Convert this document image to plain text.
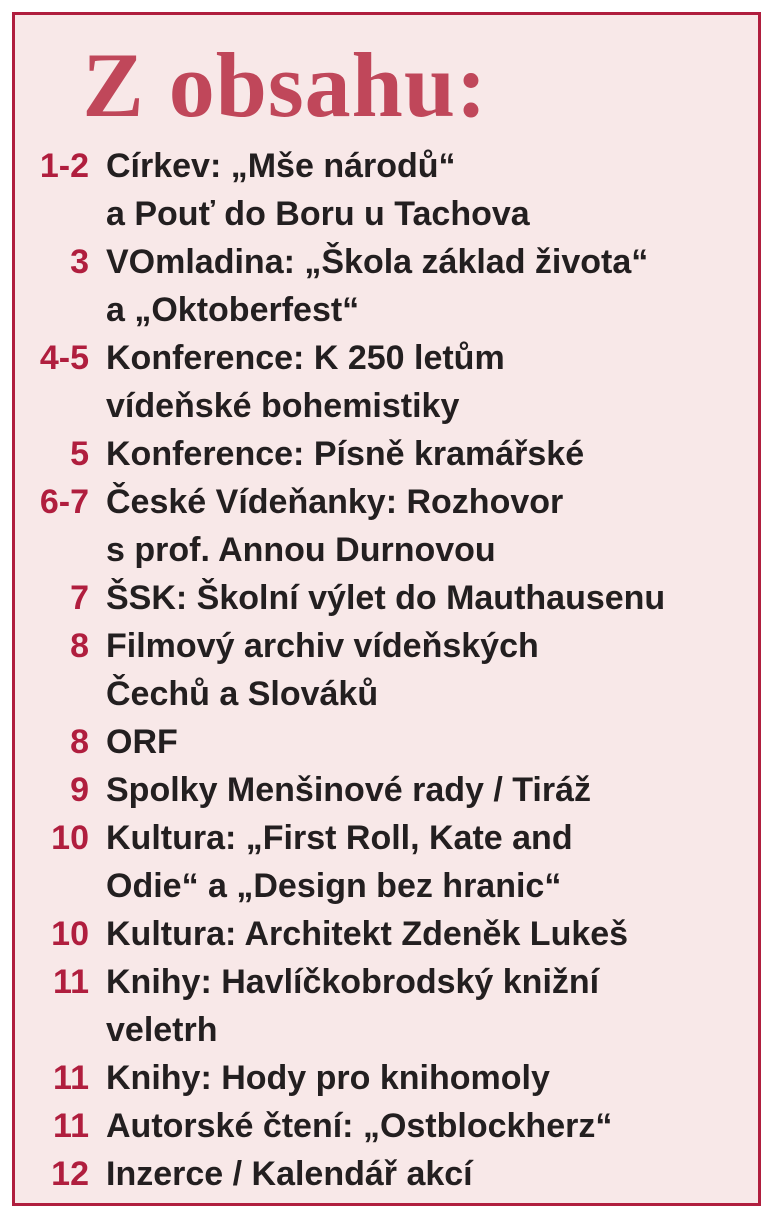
Z obsahu:
1-2 Církev: „Mše národů“
a Pouť do Boru u Tachova
3 VOmladina: „Škola základ života“
a „Oktoberfest“
4-5 Konference: K 250 letům
vídeňské bohemistiky
5 Konference: Písně kramářské
6-7 České Vídeňanky: Rozhovor
s prof. Annou Durnovou
7 ŠSK: Školní výlet do Mauthausenu
8 Filmový archiv vídeňských
Čechů a Slováků
8 ORF
9 Spolky Menšinové rady / Tiráž
10 Kultura: „First Roll, Kate and
Odie“ a „Design bez hranic“
10 Kultura: Architekt Zdeněk Lukeš
11 Knihy: Havlíčkobrodský knižní
veletrh
11 Knihy: Hody pro knihomoly
11 Autorské čtení: „Ostblockherz“
12 Inzerce / Kalendář akcí
